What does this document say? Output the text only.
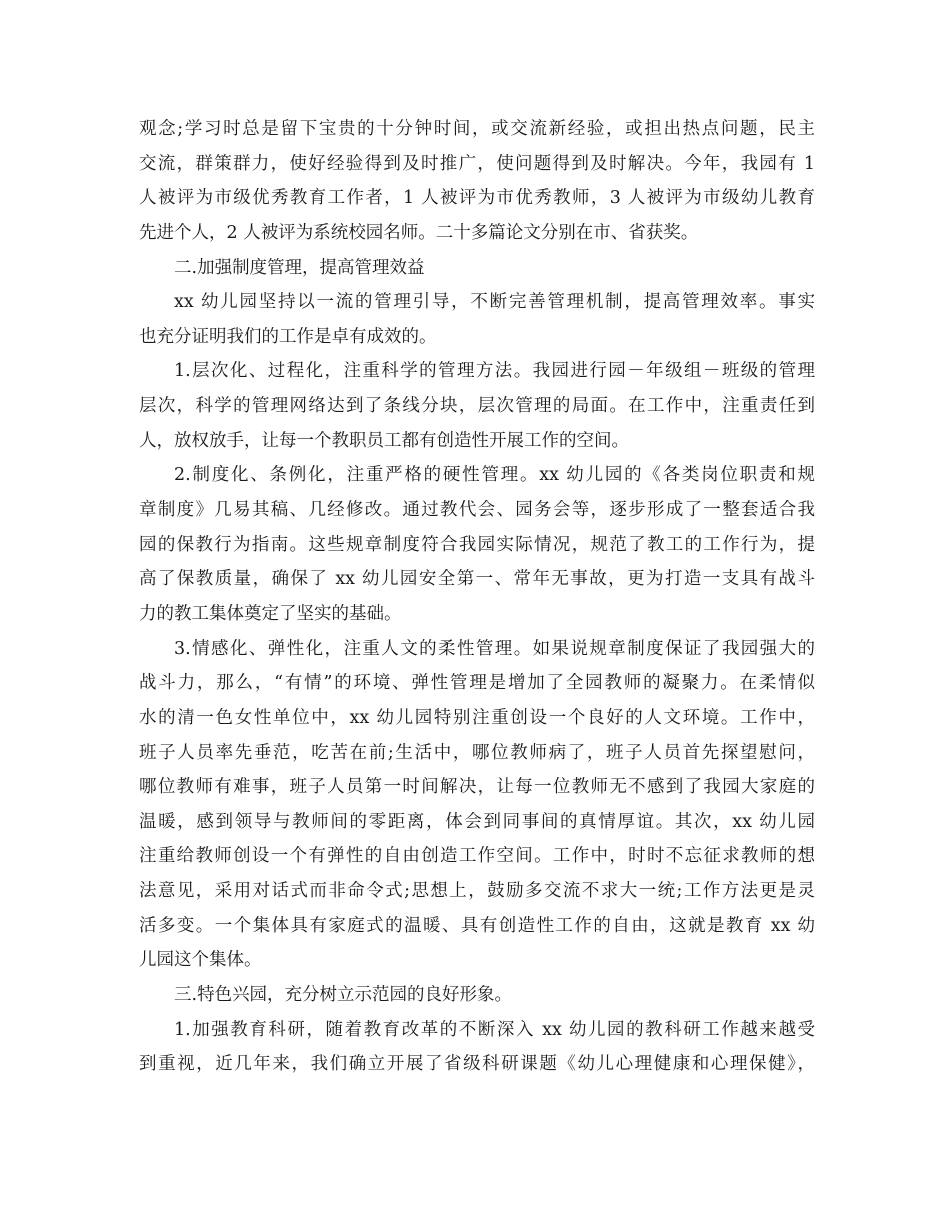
观念;学习时总是留下宝贵的十分钟时间，或交流新经验，或担出热点问题，民主
交流，群策群力，使好经验得到及时推广，使问题得到及时解决。今年，我园有 1
人被评为市级优秀教育工作者，1 人被评为市优秀教师，3 人被评为市级幼儿教育
先进个人，2 人被评为系统校园名师。二十多篇论文分别在市、省获奖。
二.加强制度管理，提高管理效益
xx 幼儿园坚持以一流的管理引导，不断完善管理机制，提高管理效率。事实
也充分证明我们的工作是卓有成效的。
1.层次化、过程化，注重科学的管理方法。我园进行园－年级组－班级的管理
层次，科学的管理网络达到了条线分块，层次管理的局面。在工作中，注重责任到
人，放权放手，让每一个教职员工都有创造性开展工作的空间。
2.制度化、条例化，注重严格的硬性管理。xx 幼儿园的《各类岗位职责和规
章制度》几易其稿、几经修改。通过教代会、园务会等，逐步形成了一整套适合我
园的保教行为指南。这些规章制度符合我园实际情况，规范了教工的工作行为，提
高了保教质量，确保了 xx 幼儿园安全第一、常年无事故，更为打造一支具有战斗
力的教工集体奠定了坚实的基础。
3.情感化、弹性化，注重人文的柔性管理。如果说规章制度保证了我园强大的
战斗力，那么，“有情”的环境、弹性管理是增加了全园教师的凝聚力。在柔情似
水的清一色女性单位中，xx 幼儿园特别注重创设一个良好的人文环境。工作中，
班子人员率先垂范，吃苦在前;生活中，哪位教师病了，班子人员首先探望慰问，
哪位教师有难事，班子人员第一时间解决，让每一位教师无不感到了我园大家庭的
温暖，感到领导与教师间的零距离，体会到同事间的真情厚谊。其次，xx 幼儿园
注重给教师创设一个有弹性的自由创造工作空间。工作中，时时不忘征求教师的想
法意见，采用对话式而非命令式;思想上，鼓励多交流不求大一统;工作方法更是灵
活多变。一个集体具有家庭式的温暖、具有创造性工作的自由，这就是教育 xx 幼
儿园这个集体。
三.特色兴园，充分树立示范园的良好形象。
1.加强教育科研，随着教育改革的不断深入 xx 幼儿园的教科研工作越来越受
到重视，近几年来，我们确立开展了省级科研课题《幼儿心理健康和心理保健》，
